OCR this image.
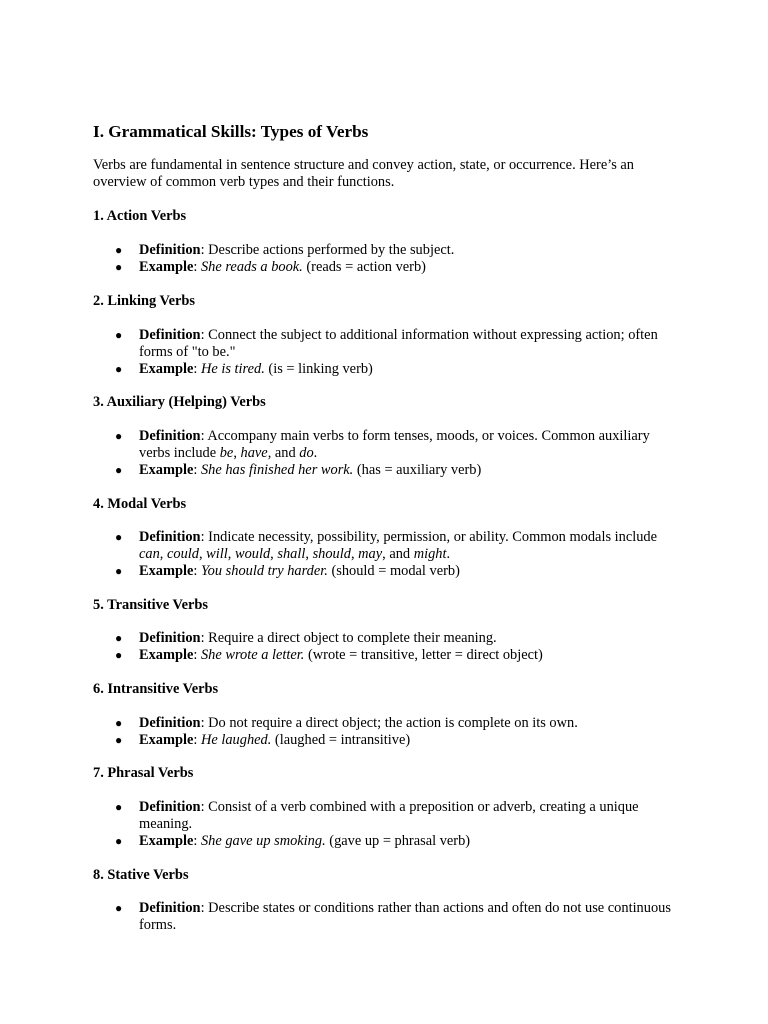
I. Grammatical Skills: Types of Verbs

Verbs are fundamental in sentence structure and convey action, state, or occurrence. Here’s an overview of common verb types and their functions.

1. Action Verbs

● Definition: Describe actions performed by the subject.
● Example: She reads a book. (reads = action verb)

2. Linking Verbs

● Definition: Connect the subject to additional information without expressing action; often forms of "to be."
● Example: He is tired. (is = linking verb)

3. Auxiliary (Helping) Verbs

● Definition: Accompany main verbs to form tenses, moods, or voices. Common auxiliary verbs include be, have, and do.
● Example: She has finished her work. (has = auxiliary verb)

4. Modal Verbs

● Definition: Indicate necessity, possibility, permission, or ability. Common modals include can, could, will, would, shall, should, may, and might.
● Example: You should try harder. (should = modal verb)

5. Transitive Verbs

● Definition: Require a direct object to complete their meaning.
● Example: She wrote a letter. (wrote = transitive, letter = direct object)

6. Intransitive Verbs

● Definition: Do not require a direct object; the action is complete on its own.
● Example: He laughed. (laughed = intransitive)

7. Phrasal Verbs

● Definition: Consist of a verb combined with a preposition or adverb, creating a unique meaning.
● Example: She gave up smoking. (gave up = phrasal verb)

8. Stative Verbs

● Definition: Describe states or conditions rather than actions and often do not use continuous forms.
